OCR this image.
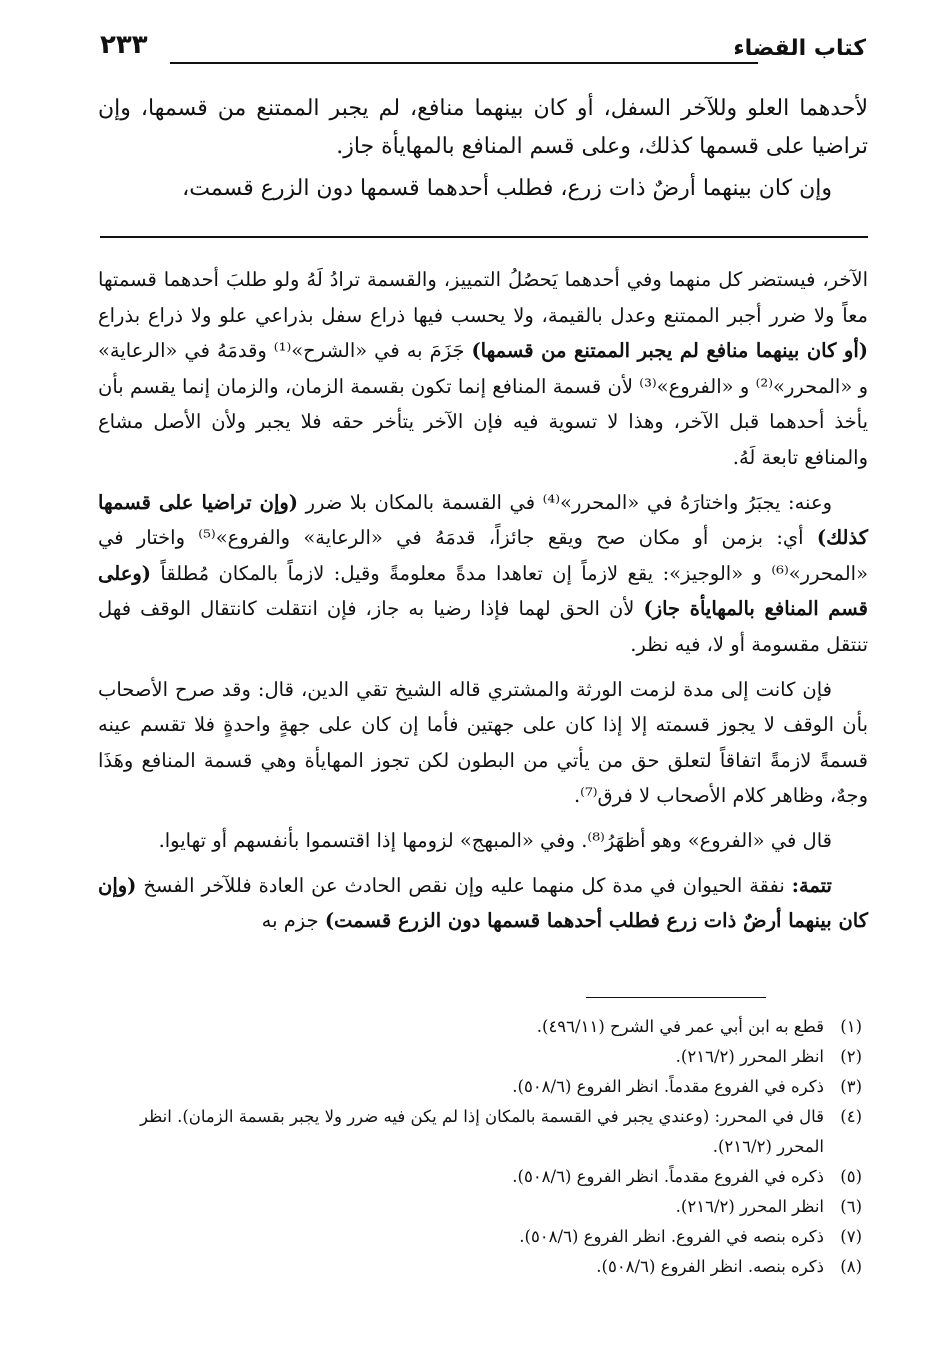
كتاب القضاء
٢٣٣

لأحدهما العلو وللآخر السفل، أو كان بينهما منافع، لم يجبر الممتنع من قسمها، وإن تراضيا على قسمها كذلك، وعلى قسم المنافع بالمهايأة جاز.

وإن كان بينهما أرضٌ ذات زرع، فطلب أحدهما قسمها دون الزرع قسمت،

الآخر، فيستضر كل منهما وفي أحدهما يَحصُلُ التمييز، والقسمة ترادُ لَهُ ولو طلبَ أحدهما قسمتها معاً ولا ضرر أجبر الممتنع وعدل بالقيمة، ولا يحسب فيها ذراع سفل بذراعي علو ولا ذراع بذراع (أو كان بينهما منافع لم يجبر الممتنع من قسمها) جَزَمَ به في «الشرح»⁽¹⁾ وقدمَهُ في «الرعاية» و «المحرر»⁽²⁾ و «الفروع»⁽³⁾ لأن قسمة المنافع إنما تكون بقسمة الزمان، والزمان إنما يقسم بأن يأخذ أحدهما قبل الآخر، وهذا لا تسوية فيه فإن الآخر يتأخر حقه فلا يجبر ولأن الأصل مشاع والمنافع تابعة لَهُ.

وعنه: يجبَرُ واختارَهُ في «المحرر»⁽⁴⁾ في القسمة بالمكان بلا ضرر (وإن تراضيا على قسمها كذلك) أي: بزمن أو مكان صح ويقع جائزاً، قدمَهُ في «الرعاية» والفروع»⁽⁵⁾ واختار في «المحرر»⁽⁶⁾ و «الوجيز»: يقع لازماً إن تعاهدا مدةً معلومةً وقيل: لازماً بالمكان مُطلقاً (وعلى قسم المنافع بالمهايأة جاز) لأن الحق لهما فإذا رضيا به جاز، فإن انتقلت كانتقال الوقف فهل تنتقل مقسومة أو لا، فيه نظر.

فإن كانت إلى مدة لزمت الورثة والمشتري قاله الشيخ تقي الدين، قال: وقد صرح الأصحاب بأن الوقف لا يجوز قسمته إلا إذا كان على جهتين فأما إن كان على جهةٍ واحدةٍ فلا تقسم عينه قسمةً لازمةً اتفاقاً لتعلق حق من يأتي من البطون لكن تجوز المهايأة وهي قسمة المنافع وهَذَا وجهٌ، وظاهر كلام الأصحاب لا فرق⁽⁷⁾.

قال في «الفروع» وهو أظهَرُ⁽⁸⁾. وفي «المبهج» لزومها إذا اقتسموا بأنفسهم أو تهايوا.

تتمة: نفقة الحيوان في مدة كل منهما عليه وإن نقص الحادث عن العادة فللآخر الفسخ (وإن كان بينهما أرضٌ ذات زرع فطلب أحدهما قسمها دون الزرع قسمت) جزم به

(١)
قطع به ابن أبي عمر في الشرح (٤٩٦/١١).
(٢)
انظر المحرر (٢١٦/٢).
(٣)
ذكره في الفروع مقدماً. انظر الفروع (٥٠٨/٦).
(٤)
قال في المحرر: (وعندي يجبر في القسمة بالمكان إذا لم يكن فيه ضرر ولا يجبر بقسمة الزمان). انظر المحرر (٢١٦/٢).
(٥)
ذكره في الفروع مقدماً. انظر الفروع (٥٠٨/٦).
(٦)
انظر المحرر (٢١٦/٢).
(٧)
ذكره بنصه في الفروع. انظر الفروع (٥٠٨/٦).
(٨)
ذكره بنصه. انظر الفروع (٥٠٨/٦).
